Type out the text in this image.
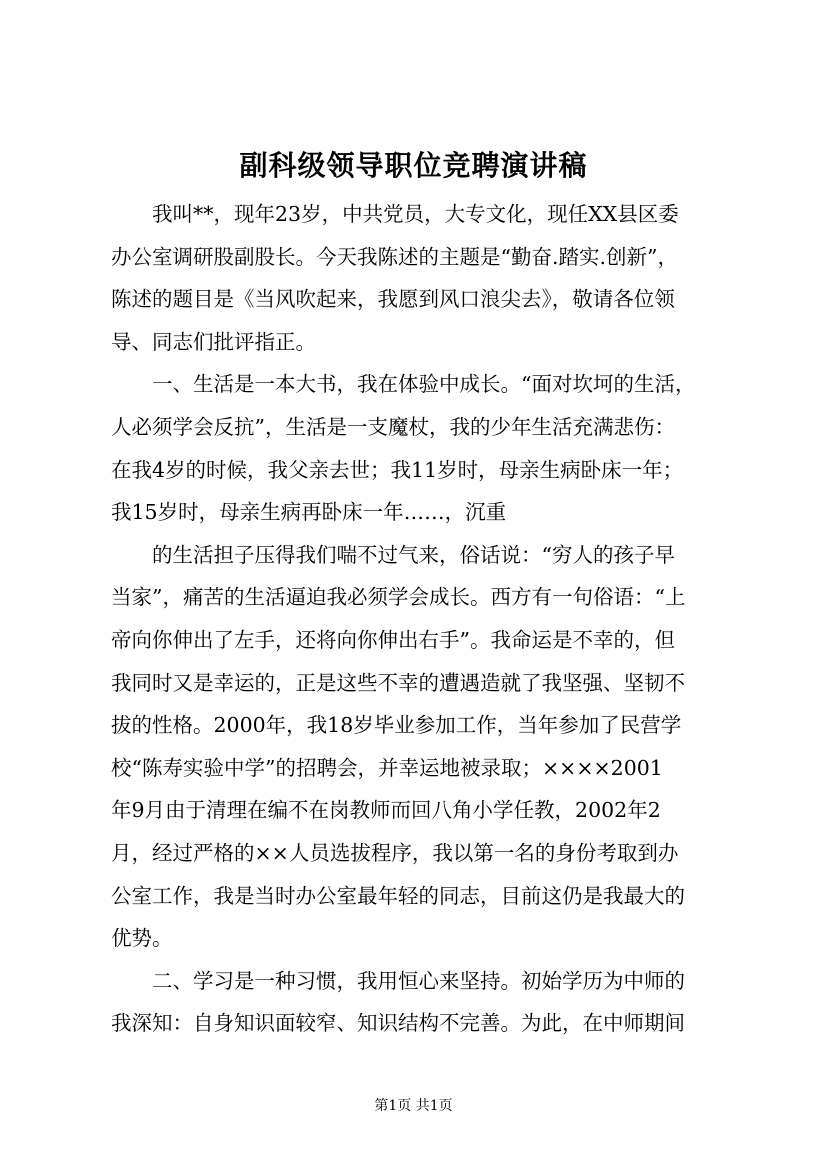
副科级领导职位竞聘演讲稿
　　我叫**，现年23岁，中共党员，大专文化，现任XX县区委
办公室调研股副股长。今天我陈述的主题是“勤奋.踏实.创新”，
陈述的题目是《当风吹起来，我愿到风口浪尖去》，敬请各位领
导、同志们批评指正。
　　一、生活是一本大书，我在体验中成长。“面对坎坷的生活，
人必须学会反抗”，生活是一支魔杖，我的少年生活充满悲伤：
在我4岁的时候，我父亲去世；我11岁时，母亲生病卧床一年；
我15岁时，母亲生病再卧床一年……，沉重
　　的生活担子压得我们喘不过气来，俗话说：“穷人的孩子早
当家”，痛苦的生活逼迫我必须学会成长。西方有一句俗语：“上
帝向你伸出了左手，还将向你伸出右手”。我命运是不幸的，但
我同时又是幸运的，正是这些不幸的遭遇造就了我坚强、坚韧不
拔的性格。2000年，我18岁毕业参加工作，当年参加了民营学
校“陈寿实验中学”的招聘会，并幸运地被录取；××××2001
年9月由于清理在编不在岗教师而回八角小学任教，2002年2
月，经过严格的××人员选拔程序，我以第一名的身份考取到办
公室工作，我是当时办公室最年轻的同志，目前这仍是我最大的
优势。
　　二、学习是一种习惯，我用恒心来坚持。初始学历为中师的
我深知：自身知识面较窄、知识结构不完善。为此，在中师期间
第1页 共1页
